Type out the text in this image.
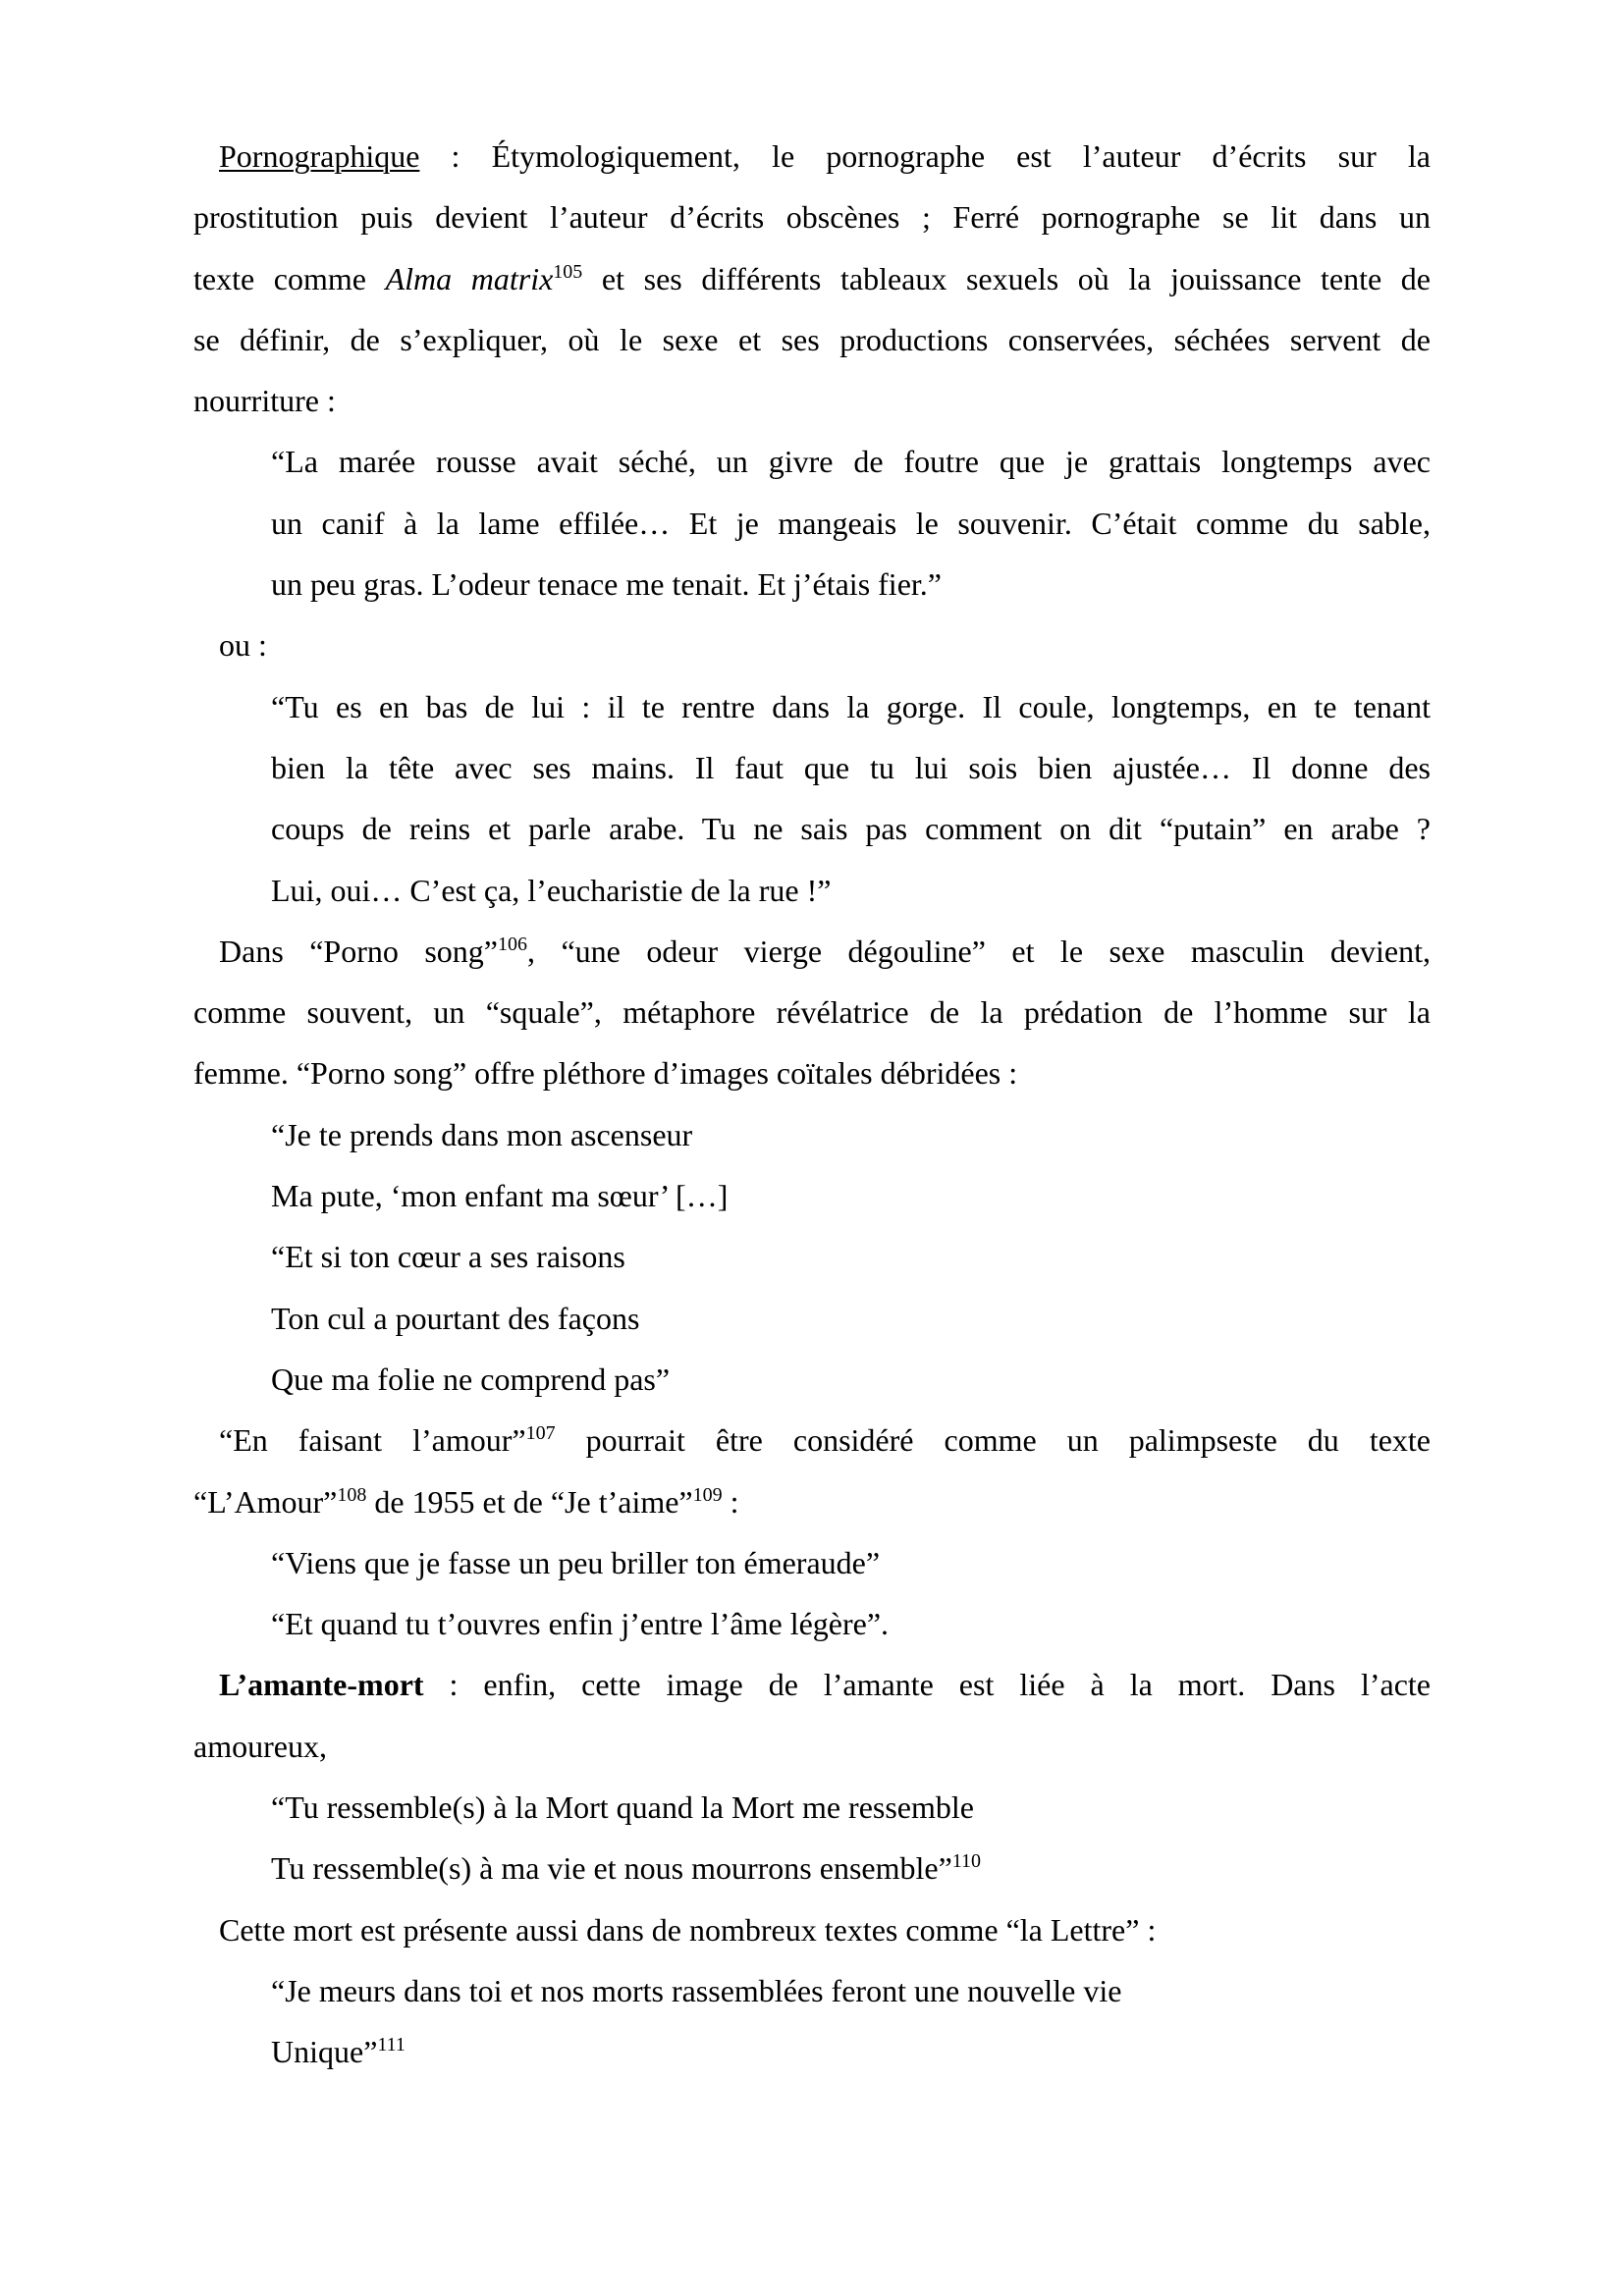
Pornographique : Étymologiquement, le pornographe est l’auteur d’écrits sur la
prostitution puis devient l’auteur d’écrits obscènes ; Ferré pornographe se lit dans un
texte comme Alma matrix$^{105}$ et ses différents tableaux sexuels où la jouissance tente de
se définir, de s’expliquer, où le sexe et ses productions conservées, séchées servent de
nourriture :
“La marée rousse avait séché, un givre de foutre que je grattais longtemps avec
un canif à la lame effilée… Et je mangeais le souvenir. C’était comme du sable,
un peu gras. L’odeur tenace me tenait. Et j’étais fier.”
ou :
“Tu es en bas de lui : il te rentre dans la gorge. Il coule, longtemps, en te tenant
bien la tête avec ses mains. Il faut que tu lui sois bien ajustée… Il donne des
coups de reins et parle arabe. Tu ne sais pas comment on dit “putain” en arabe ?
Lui, oui… C’est ça, l’eucharistie de la rue !”
Dans “Porno song”$^{106}$, “une odeur vierge dégouline” et le sexe masculin devient,
comme souvent, un “squale”, métaphore révélatrice de la prédation de l’homme sur la
femme. “Porno song” offre pléthore d’images coïtales débridées :
“Je te prends dans mon ascenseur
Ma pute, ‘mon enfant ma sœur’ […]
“Et si ton cœur a ses raisons
Ton cul a pourtant des façons
Que ma folie ne comprend pas”
“En faisant l’amour”$^{107}$ pourrait être considéré comme un palimpseste du texte
“L’Amour”$^{108}$ de 1955 et de “Je t’aime”$^{109}$ :
“Viens que je fasse un peu briller ton émeraude”
“Et quand tu t’ouvres enfin j’entre l’âme légère”.
L’amante-mort : enfin, cette image de l’amante est liée à la mort. Dans l’acte
amoureux,
“Tu ressemble(s) à la Mort quand la Mort me ressemble
Tu ressemble(s) à ma vie et nous mourrons ensemble”$^{110}$
Cette mort est présente aussi dans de nombreux textes comme “la Lettre” :
“Je meurs dans toi et nos morts rassemblées feront une nouvelle vie
Unique”$^{111}$
